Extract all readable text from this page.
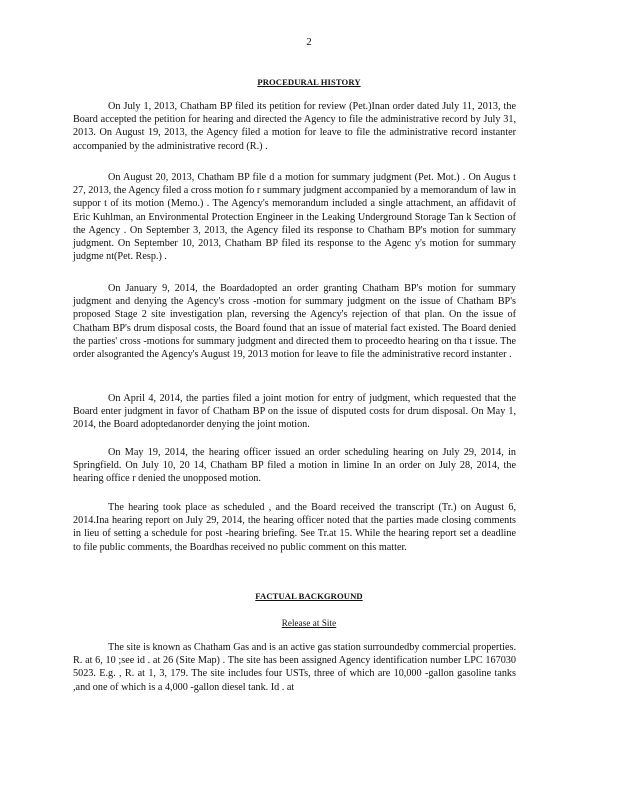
2
PROCEDURAL HISTORY

On July 1, 2013, Chatham BP filed its petition for review (Pet.)Inan order dated July 11, 2013, the Board accepted the petition for hearing and directed the Agency to file the administrative record by July 31, 2013. On August 19, 2013, the Agency filed a motion for leave to file the administrative record instanter accompanied by the administrative record (R.) .

On August 20, 2013, Chatham BP file d a motion for summary judgment (Pet. Mot.) . On Augus t 27, 2013, the Agency filed a cross motion fo r summary judgment accompanied by a memorandum of law in suppor t of its motion (Memo.) . The Agency's memorandum included a single attachment, an affidavit of Eric Kuhlman, an Environmental Protection Engineer in the Leaking Underground Storage Tan k Section of the Agency . On September 3, 2013, the Agency filed its response to Chatham BP's motion for summary judgment. On September 10, 2013, Chatham BP filed its response to the Agenc y's motion for summary judgme nt(Pet. Resp.) .

On January 9, 2014, the Boardadopted an order granting Chatham BP's motion for summary judgment and denying the Agency's cross -motion for summary judgment on the issue of Chatham BP's proposed Stage 2 site investigation plan, reversing the Agency's rejection of that plan. On the issue of Chatham BP's drum disposal costs, the Board found that an issue of material fact existed. The Board denied the parties' cross -motions for summary judgment and directed them to proceedto hearing on tha t issue. The order alsogranted the Agency's August 19, 2013 motion for leave to file the administrative record instanter .

On April 4, 2014, the parties filed a joint motion for entry of judgment, which requested that the Board enter judgment in favor of Chatham BP on the issue of disputed costs for drum disposal. On May 1, 2014, the Board adoptedanorder denying the joint motion.

On May 19, 2014, the hearing officer issued an order scheduling hearing on July 29, 2014, in Springfield. On July 10, 20 14, Chatham BP filed a motion in limine In an order on July 28, 2014, the hearing office r denied the unopposed motion.

The hearing took place as scheduled , and the Board received the transcript (Tr.) on August 6, 2014.Ina hearing report on July 29, 2014, the hearing officer noted that the parties made closing comments in lieu of setting a schedule for post -hearing briefing. See Tr.at 15. While the hearing report set a deadline to file public comments, the Boardhas received no public comment on this matter.

FACTUAL BACKGROUND
Release at Site

The site is known as Chatham Gas and is an active gas station surroundedby commercial properties. R. at 6, 10 ;see id . at 26 (Site Map) . The site has been assigned Agency identification number LPC 167030 5023. E.g. , R. at 1, 3, 179. The site includes four USTs, three of which are 10,000 -gallon gasoline tanks ,and one of which is a 4,000 -gallon diesel tank. Id . at
